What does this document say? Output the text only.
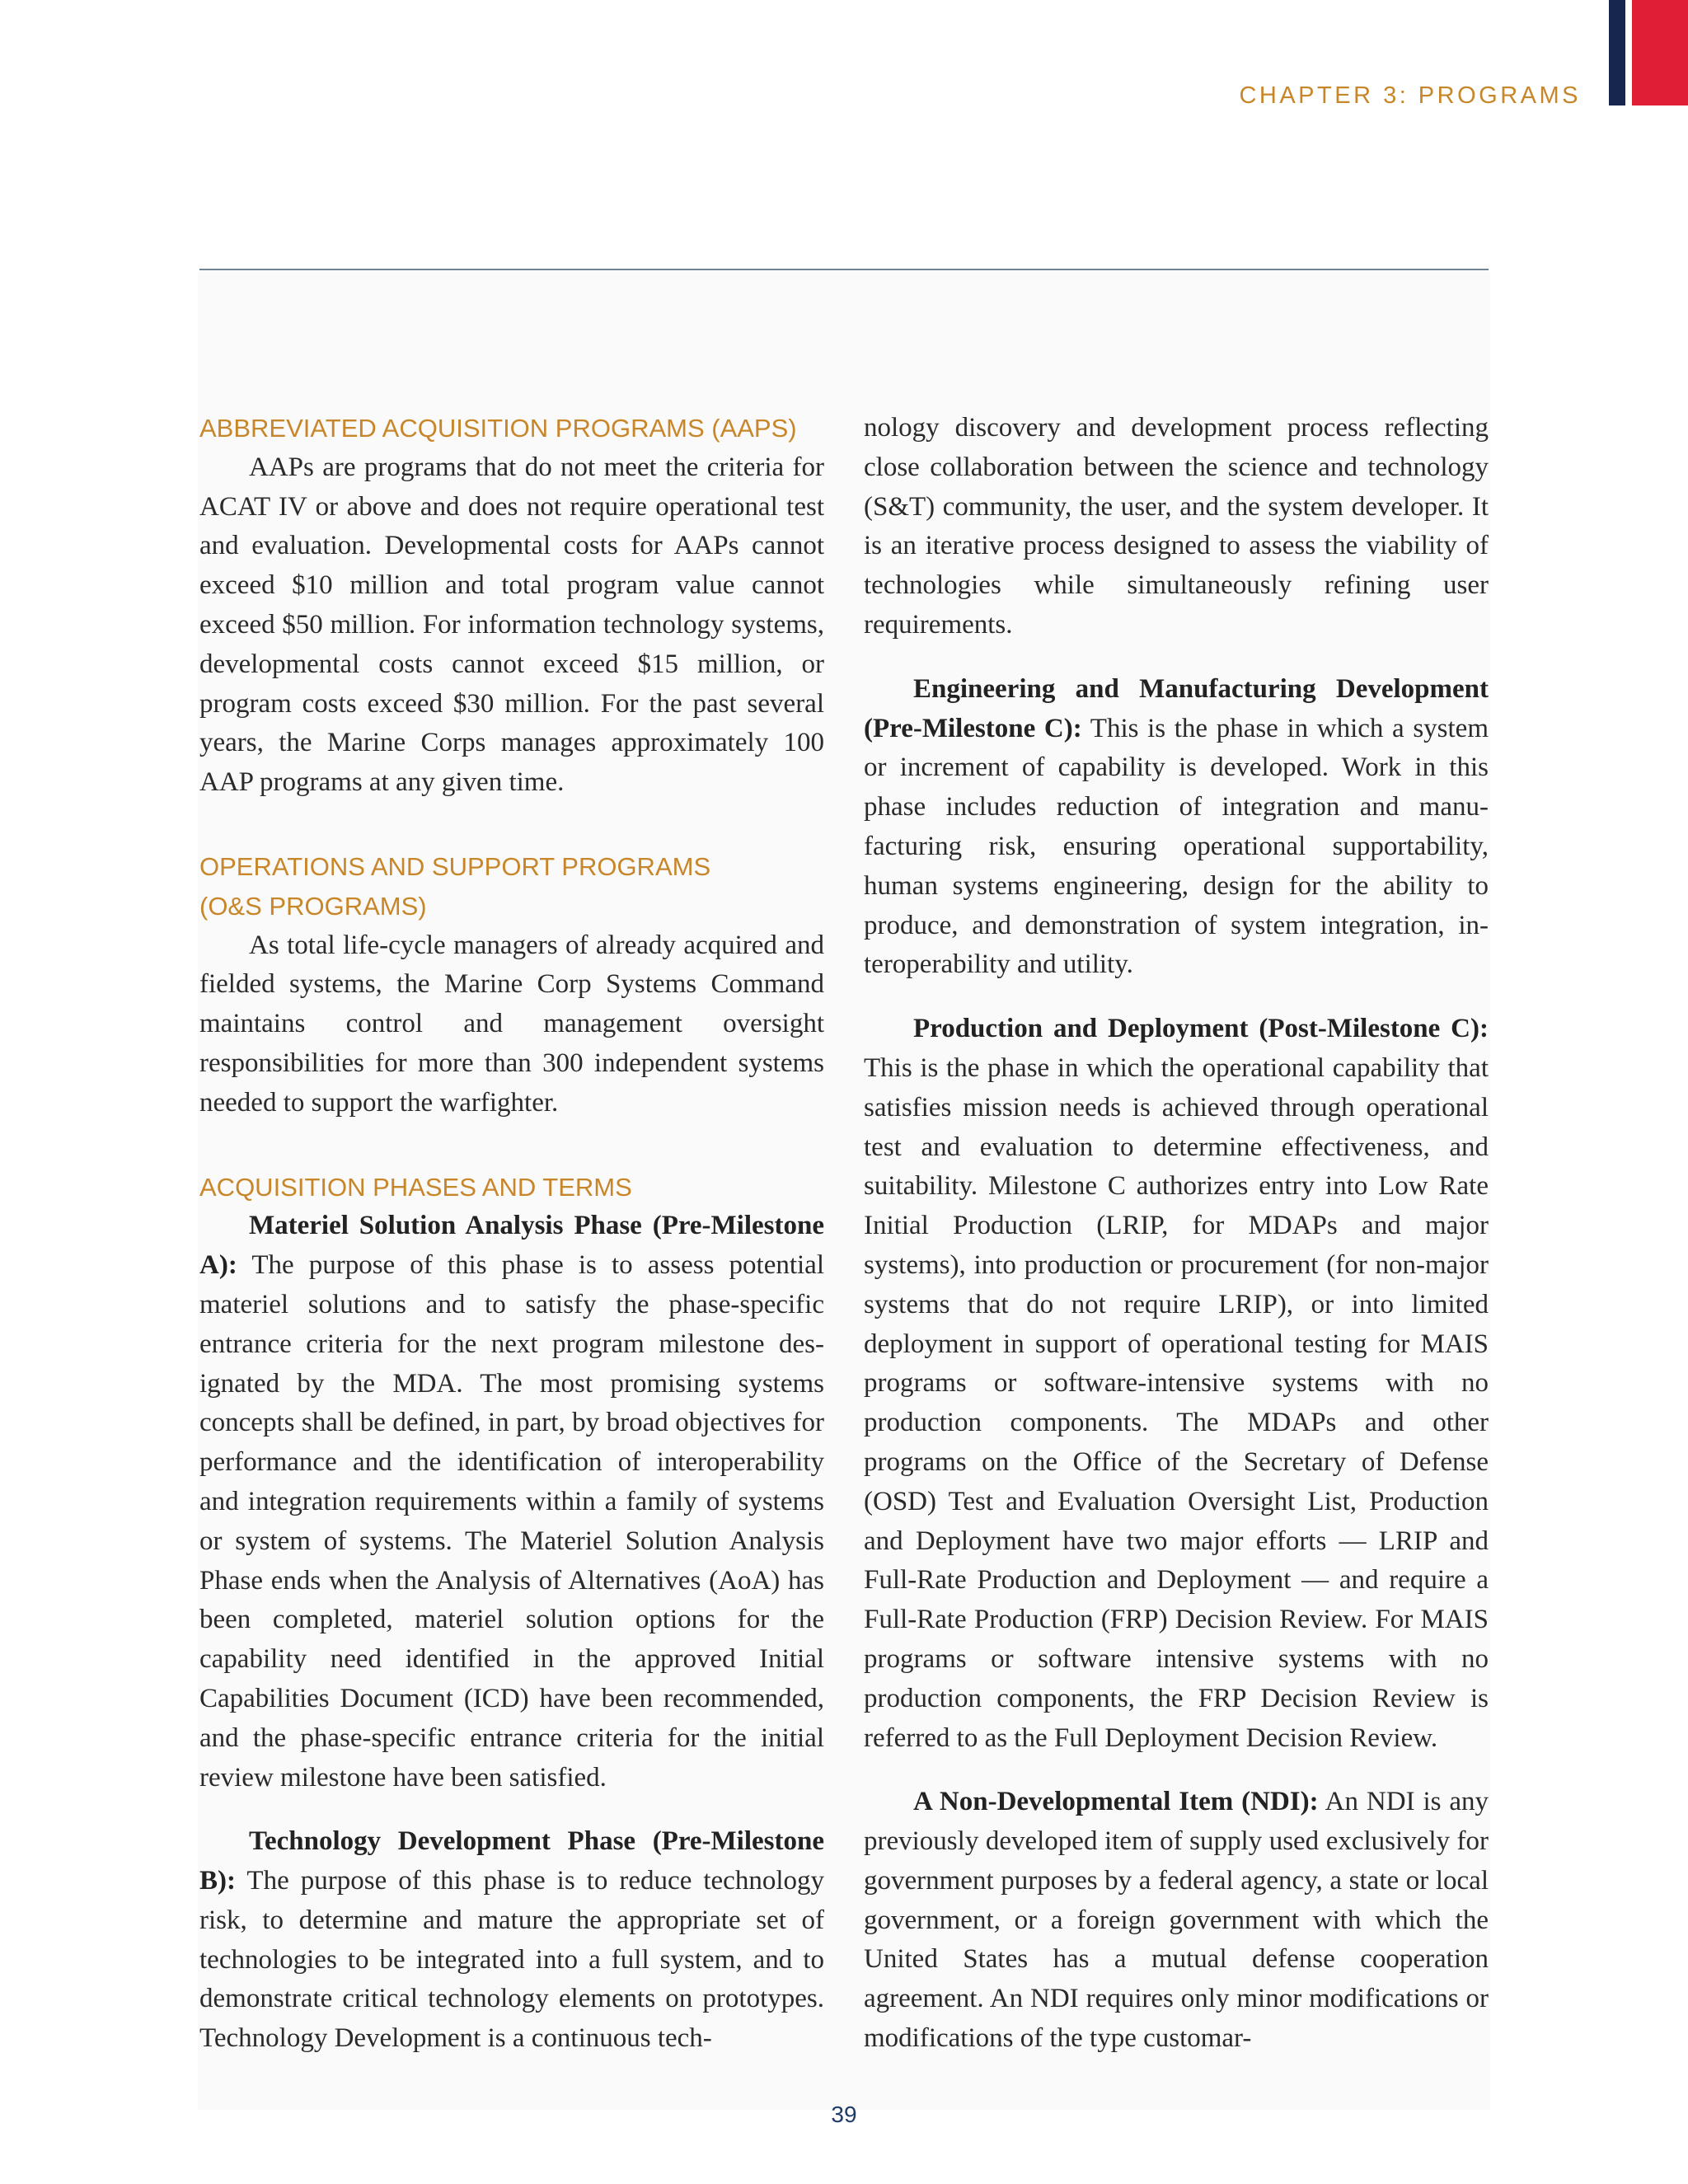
CHAPTER 3: PROGRAMS

ABBREVIATED ACQUISITION PROGRAMS (AAPS)

AAPs are programs that do not meet the criteria for ACAT IV or above and does not require operational test and evaluation. Developmental costs for AAPs cannot exceed $10 million and total program value cannot exceed $50 million. For information technology systems, developmental costs cannot exceed $15 million, or program costs exceed $30 million. For the past several years, the Marine Corps manages approximately 100 AAP programs at any given time.

OPERATIONS AND SUPPORT PROGRAMS

(O&S PROGRAMS)

As total life-cycle managers of already acquired and fielded systems, the Marine Corp Systems Command maintains control and management oversight responsibilities for more than 300 independent systems needed to support the warfighter.

ACQUISITION PHASES AND TERMS

Materiel Solution Analysis Phase (Pre-Milestone A): The purpose of this phase is to assess potential materiel solutions and to satisfy the phase-specific entrance criteria for the next program milestone designated by the MDA. The most promising systems concepts shall be defined, in part, by broad objectives for performance and the identification of interoperability and integration requirements within a family of systems or system of systems. The Materiel Solution Analysis Phase ends when the Analysis of Alternatives (AoA) has been completed, materiel solution options for the capability need identified in the approved Initial Capabilities Document (ICD) have been recommended, and the phase-specific entrance criteria for the initial review milestone have been satisfied.

Technology Development Phase (Pre-Milestone B): The purpose of this phase is to reduce technology risk, to determine and mature the appropriate set of technologies to be integrated into a full system, and to demonstrate critical technology elements on prototypes. Technology Development is a continuous tech-

nology discovery and development process reflecting close collaboration between the science and technology (S&T) community, the user, and the system developer. It is an iterative process designed to assess the viability of technologies while simultaneously refining user requirements.

Engineering and Manufacturing Development (Pre-Milestone C): This is the phase in which a system or increment of capability is developed. Work in this phase includes reduction of integration and manufacturing risk, ensuring operational supportability, human systems engineering, design for the ability to produce, and demonstration of system integration, interoperability and utility.

Production and Deployment (Post-Milestone C): This is the phase in which the operational capability that satisfies mission needs is achieved through operational test and evaluation to determine effectiveness, and suitability. Milestone C authorizes entry into Low Rate Initial Production (LRIP, for MDAPs and major systems), into production or procurement (for non-major systems that do not require LRIP), or into limited deployment in support of operational testing for MAIS programs or software-intensive systems with no production components. The MDAPs and other programs on the Office of the Secretary of Defense (OSD) Test and Evaluation Oversight List, Production and Deployment have two major efforts — LRIP and Full-Rate Production and Deployment — and require a Full-Rate Production (FRP) Decision Review. For MAIS programs or software intensive systems with no production components, the FRP Decision Review is referred to as the Full Deployment Decision Review.

A Non-Developmental Item (NDI): An NDI is any previously developed item of supply used exclusively for government purposes by a federal agency, a state or local government, or a foreign government with which the United States has a mutual defense cooperation agreement. An NDI requires only minor modifications or modifications of the type customar-

39
